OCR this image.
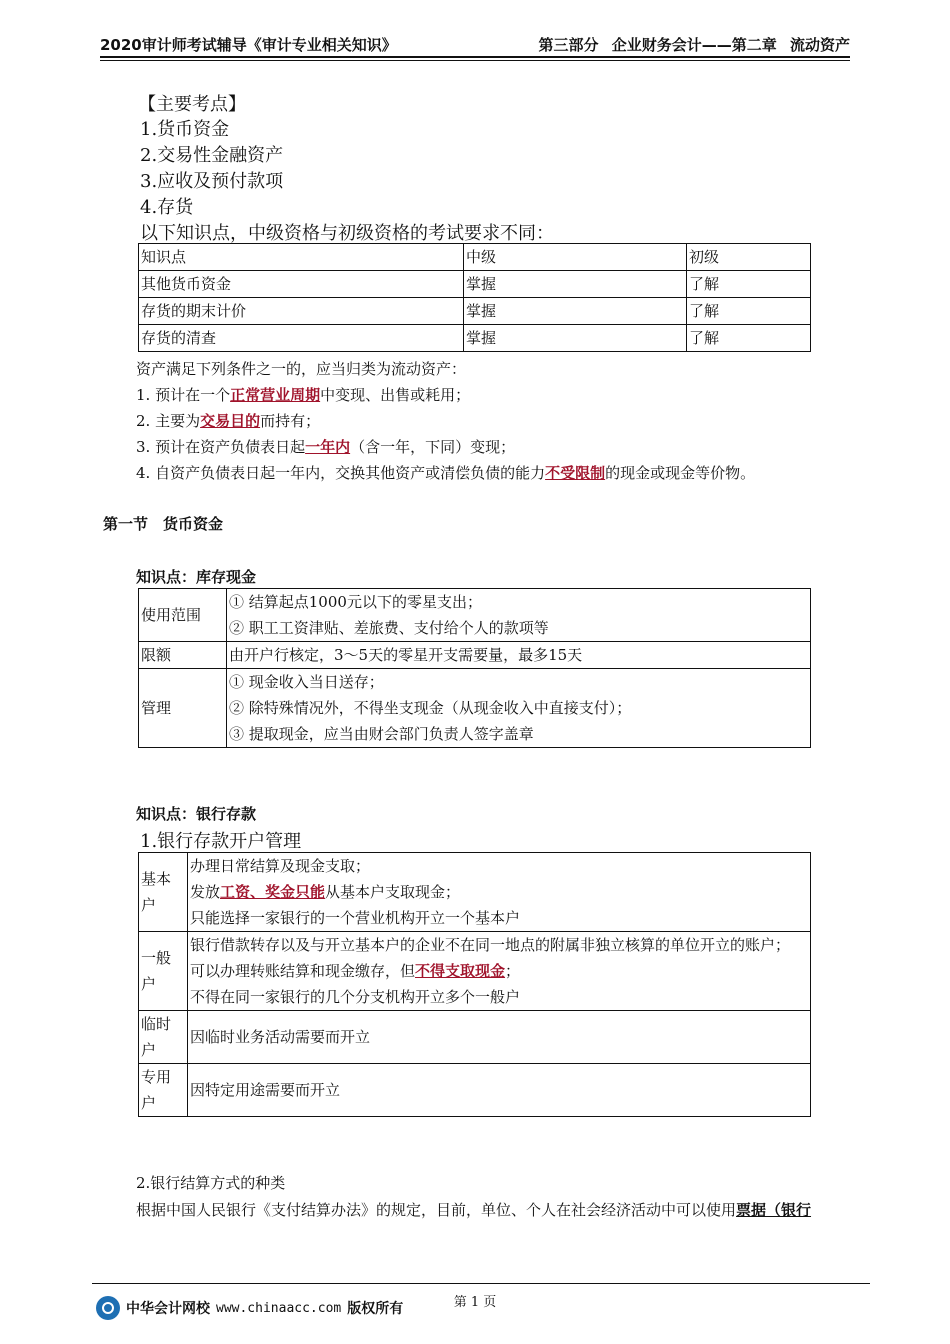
2020审计师考试辅导《审计专业相关知识》	第三部分 企业财务会计——第二章 流动资产
【主要考点】
1.货币资金
2.交易性金融资产
3.应收及预付款项
4.存货
以下知识点，中级资格与初级资格的考试要求不同：
知识点	中级	初级
其他货币资金	掌握	了解
存货的期末计价	掌握	了解
存货的清查	掌握	了解
资产满足下列条件之一的，应当归类为流动资产：
1. 预计在一个正常营业周期中变现、出售或耗用；
2. 主要为交易目的而持有；
3. 预计在资产负债表日起一年内（含一年，下同）变现；
4. 自资产负债表日起一年内，交换其他资产或清偿负债的能力不受限制的现金或现金等价物。
第一节　货币资金
知识点：库存现金
使用范围	① 结算起点1000元以下的零星支出；
② 职工工资津贴、差旅费、支付给个人的款项等

限额	由开户行核定，3～5天的零星开支需要量，最多15天
管理	① 现金收入当日送存；
② 除特殊情况外，不得坐支现金（从现金收入中直接支付）；
③ 提取现金，应当由财会部门负责人签字盖章
知识点：银行存款
1.银行存款开户管理
基本户	办理日常结算及现金支取；
发放工资、奖金只能从基本户支取现金；
只能选择一家银行的一个营业机构开立一个基本户

一般户	银行借款转存以及与开立基本户的企业不在同一地点的附属非独立核算的单位开立的账户；
可以办理转账结算和现金缴存，但不得支取现金；
不得在同一家银行的几个分支机构开立多个一般户

临时户	因临时业务活动需要而开立
专用户	因特定用途需要而开立
2.银行结算方式的种类
根据中国人民银行《支付结算办法》的规定，目前，单位、个人在社会经济活动中可以使用票据（银行
第 1 页
中华会计网校 www.chinaacc.com 版权所有
